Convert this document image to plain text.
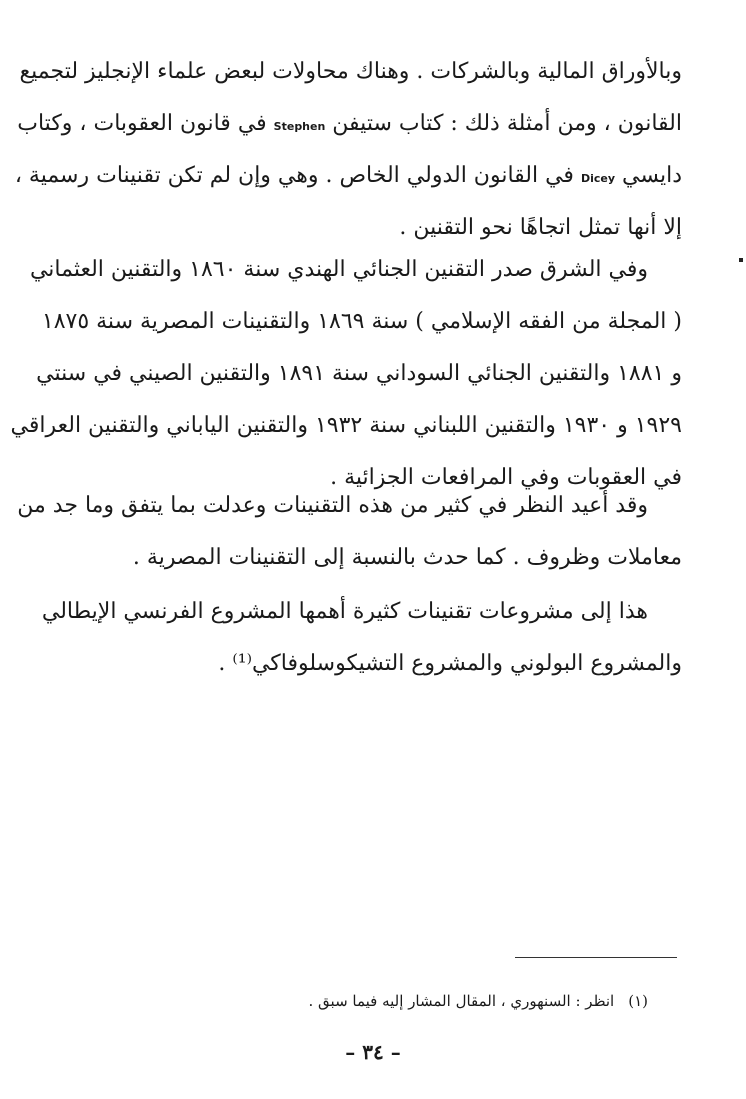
وبالأوراق المالية وبالشركات . وهناك محاولات لبعض علماء الإنجليز لتجميع
القانون ، ومن أمثلة ذلك : كتاب ستيفن Stephen في قانون العقوبات ، وكتاب
دايسي Dicey في القانون الدولي الخاص . وهي وإن لم تكن تقنينات رسمية ،
إلا أنها تمثل اتجاهًا نحو التقنين .
وفي الشرق صدر التقنين الجنائي الهندي سنة ١٨٦٠ والتقنين العثماني
( المجلة من الفقه الإسلامي ) سنة ١٨٦٩ والتقنينات المصرية سنة ١٨٧٥
و ١٨٨١ والتقنين الجنائي السوداني سنة ١٨٩١ والتقنين الصيني في سنتي
١٩٢٩ و ١٩٣٠ والتقنين اللبناني سنة ١٩٣٢ والتقنين الياباني والتقنين العراقي
في العقوبات وفي المرافعات الجزائية .
وقد أعيد النظر في كثير من هذه التقنينات وعدلت بما يتفق وما جد من
معاملات وظروف . كما حدث بالنسبة إلى التقنينات المصرية .
هذا إلى مشروعات تقنينات كثيرة أهمها المشروع الفرنسي الإيطالي
والمشروع البولوني والمشروع التشيكوسلوفاكي⁽¹⁾ .
(١)انظر : السنهوري ، المقال المشار إليه فيما سبق .
– ٣٤ –
